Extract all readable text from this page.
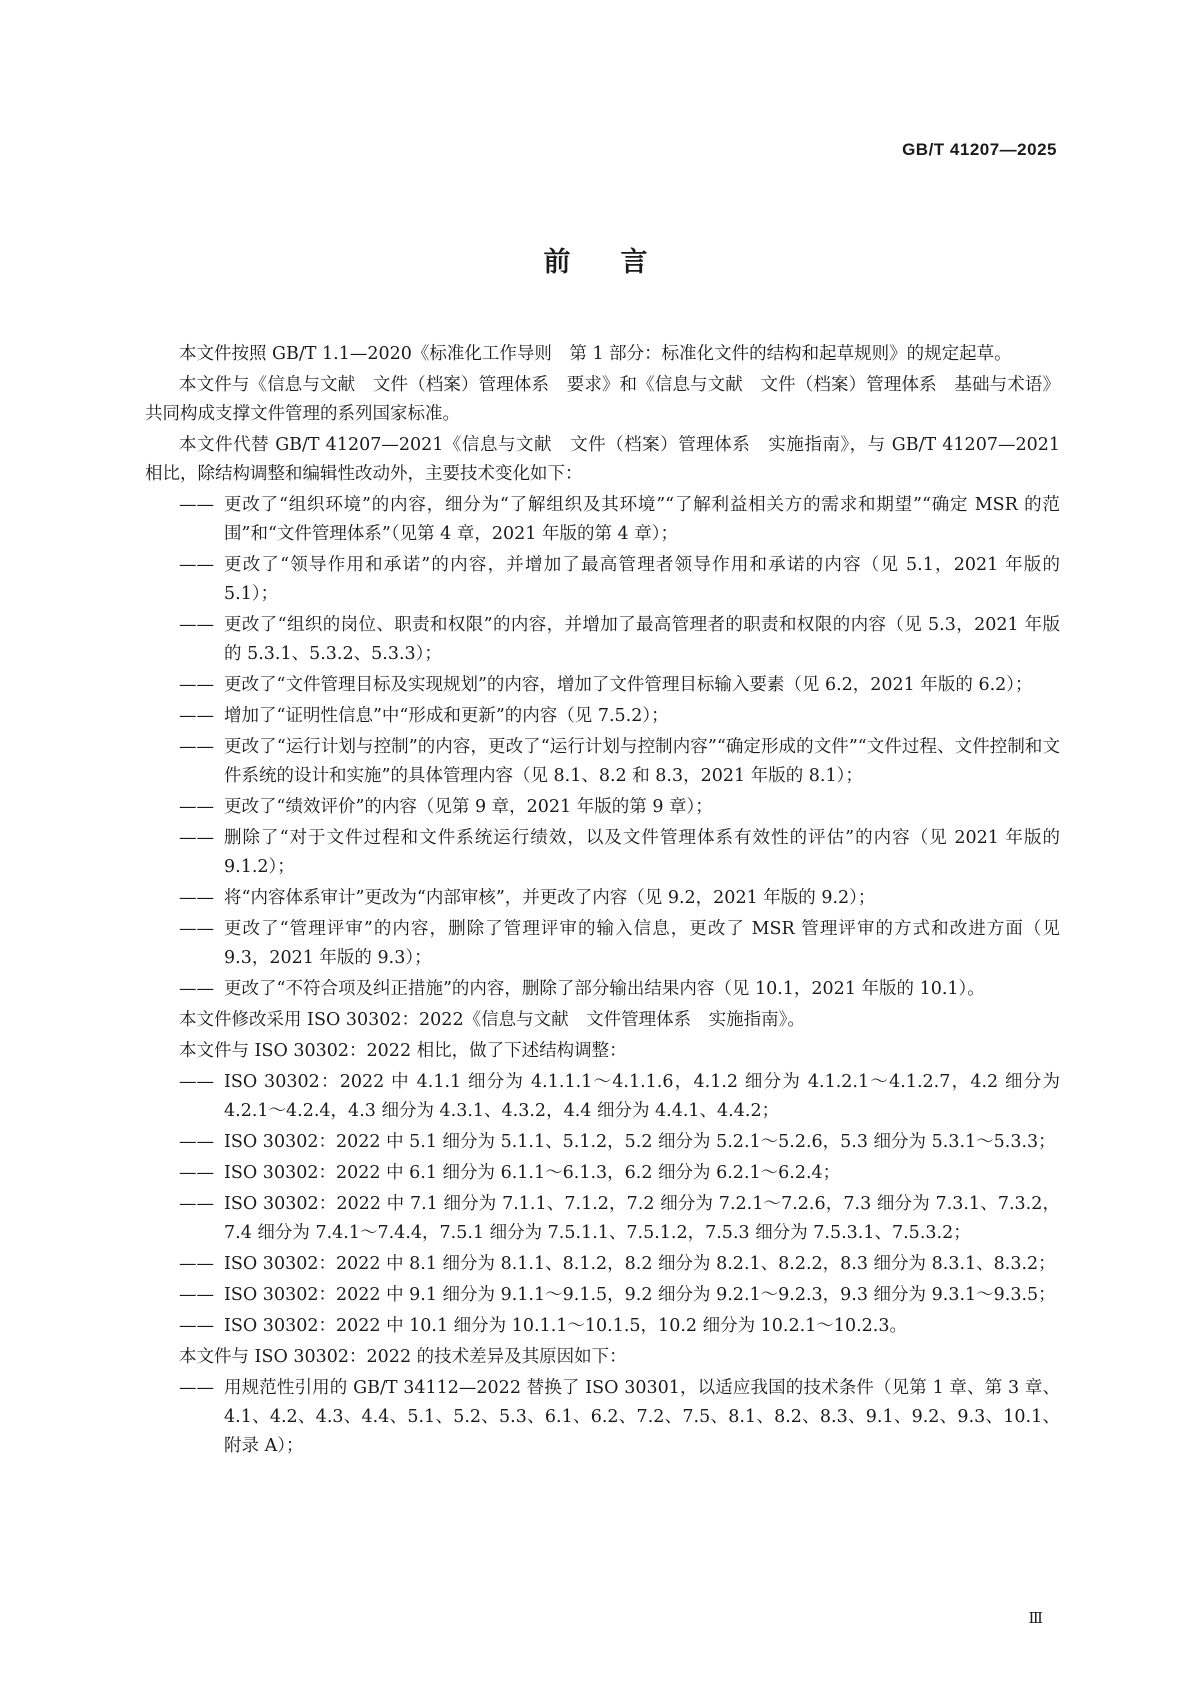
GB/T 41207—2025
前言

本文件按照 GB/T 1.1—2020《标准化工作导则　第 1 部分：标准化文件的结构和起草规则》的规定起草。

本文件与《信息与文献　文件（档案）管理体系　要求》和《信息与文献　文件（档案）管理体系　基础与术语》共同构成支撑文件管理的系列国家标准。

本文件代替 GB/T 41207—2021《信息与文献　文件（档案）管理体系　实施指南》，与 GB/T 41207—2021 相比，除结构调整和编辑性改动外，主要技术变化如下：

—— 更改了“组织环境”的内容，细分为“了解组织及其环境”“了解利益相关方的需求和期望”“确定 MSR 的范围”和“文件管理体系”（见第 4 章，2021 年版的第 4 章）；

—— 更改了“领导作用和承诺”的内容，并增加了最高管理者领导作用和承诺的内容（见 5.1，2021 年版的 5.1）；

—— 更改了“组织的岗位、职责和权限”的内容，并增加了最高管理者的职责和权限的内容（见 5.3，2021 年版的 5.3.1、5.3.2、5.3.3）；

—— 更改了“文件管理目标及实现规划”的内容，增加了文件管理目标输入要素（见 6.2，2021 年版的 6.2）；

—— 增加了“证明性信息”中“形成和更新”的内容（见 7.5.2）；

—— 更改了“运行计划与控制”的内容，更改了“运行计划与控制内容”“确定形成的文件”“文件过程、文件控制和文件系统的设计和实施”的具体管理内容（见 8.1、8.2 和 8.3，2021 年版的 8.1）；

—— 更改了“绩效评价”的内容（见第 9 章，2021 年版的第 9 章）；

—— 删除了“对于文件过程和文件系统运行绩效，以及文件管理体系有效性的评估”的内容（见 2021 年版的 9.1.2）；

—— 将“内容体系审计”更改为“内部审核”，并更改了内容（见 9.2，2021 年版的 9.2）；

—— 更改了“管理评审”的内容，删除了管理评审的输入信息，更改了 MSR 管理评审的方式和改进方面（见 9.3，2021 年版的 9.3）；

—— 更改了“不符合项及纠正措施”的内容，删除了部分输出结果内容（见 10.1，2021 年版的 10.1）。

本文件修改采用 ISO 30302：2022《信息与文献　文件管理体系　实施指南》。

本文件与 ISO 30302：2022 相比，做了下述结构调整：

—— ISO 30302：2022 中 4.1.1 细分为 4.1.1.1～4.1.1.6，4.1.2 细分为 4.1.2.1～4.1.2.7，4.2 细分为 4.2.1～4.2.4，4.3 细分为 4.3.1、4.3.2，4.4 细分为 4.4.1、4.4.2；

—— ISO 30302：2022 中 5.1 细分为 5.1.1、5.1.2，5.2 细分为 5.2.1～5.2.6，5.3 细分为 5.3.1～5.3.3；

—— ISO 30302：2022 中 6.1 细分为 6.1.1～6.1.3，6.2 细分为 6.2.1～6.2.4；

—— ISO 30302：2022 中 7.1 细分为 7.1.1、7.1.2，7.2 细分为 7.2.1～7.2.6，7.3 细分为 7.3.1、7.3.2，7.4 细分为 7.4.1～7.4.4，7.5.1 细分为 7.5.1.1、7.5.1.2，7.5.3 细分为 7.5.3.1、7.5.3.2；

—— ISO 30302：2022 中 8.1 细分为 8.1.1、8.1.2，8.2 细分为 8.2.1、8.2.2，8.3 细分为 8.3.1、8.3.2；

—— ISO 30302：2022 中 9.1 细分为 9.1.1～9.1.5，9.2 细分为 9.2.1～9.2.3，9.3 细分为 9.3.1～9.3.5；

—— ISO 30302：2022 中 10.1 细分为 10.1.1～10.1.5，10.2 细分为 10.2.1～10.2.3。

本文件与 ISO 30302：2022 的技术差异及其原因如下：

—— 用规范性引用的 GB/T 34112—2022 替换了 ISO 30301，以适应我国的技术条件（见第 1 章、第 3 章、4.1、4.2、4.3、4.4、5.1、5.2、5.3、6.1、6.2、7.2、7.5、8.1、8.2、8.3、9.1、9.2、9.3、10.1、附录 A）；

Ⅲ
